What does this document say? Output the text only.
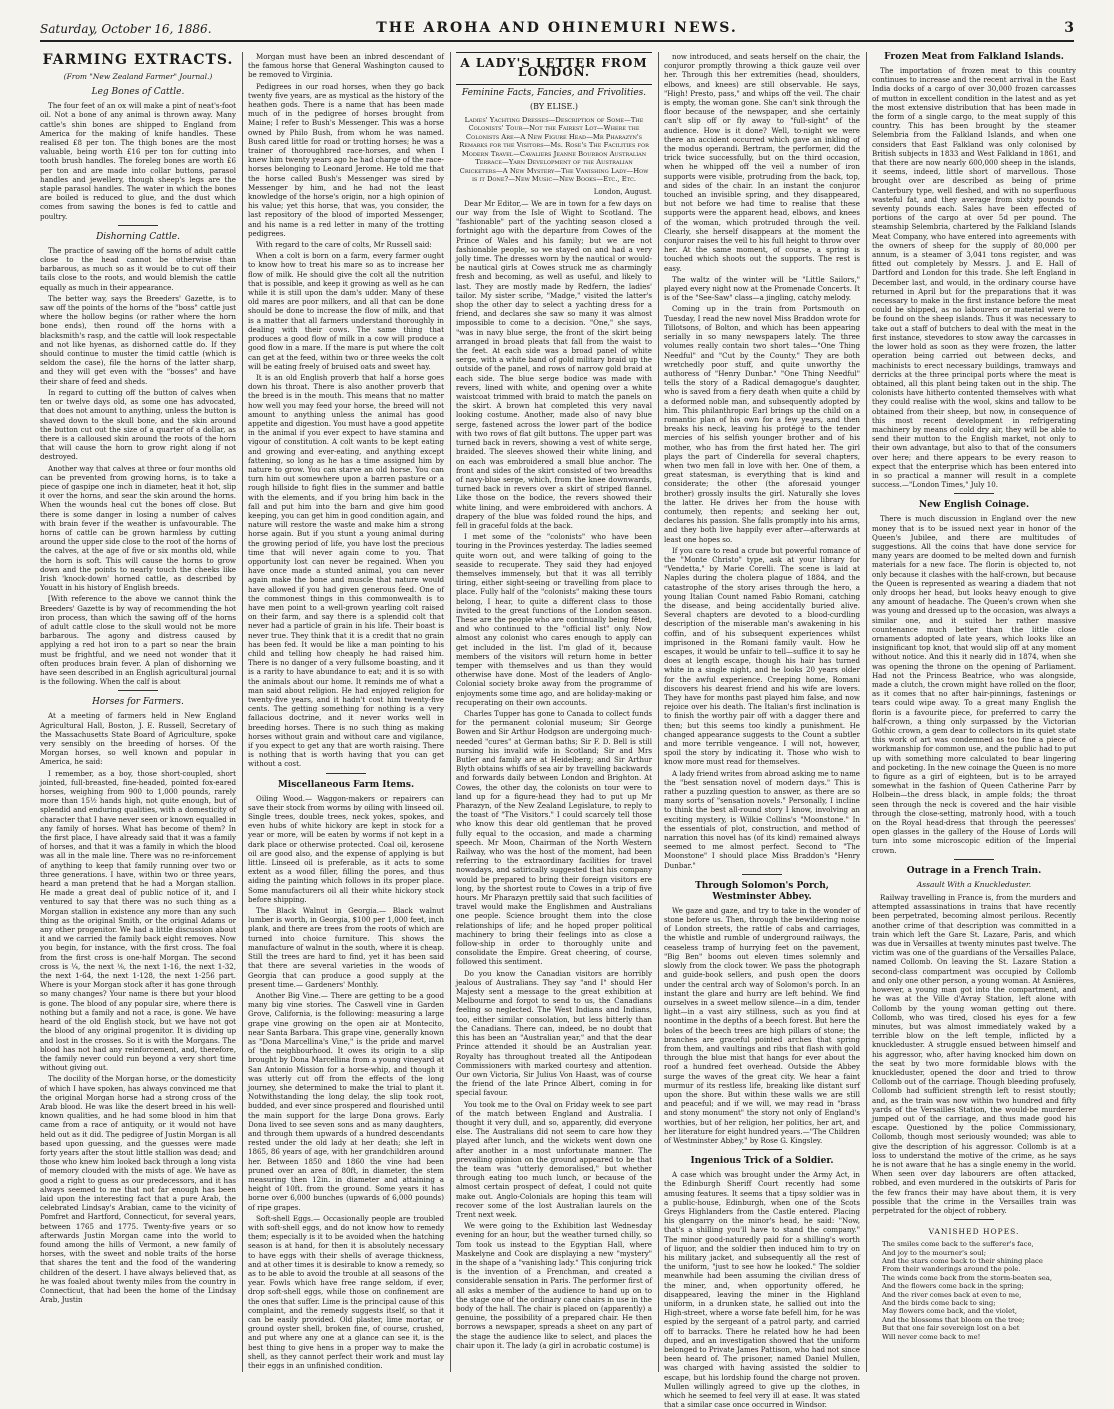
Saturday, October 16, 1886.	THE AROHA AND OHINEMURI NEWS.	3
FARMING EXTRACTS.
(From "New Zealand Farmer" Journal.)
Leg Bones of Cattle.

The four feet of an ox will make a pint of neat's-foot oil. Not a bone of any animal is thrown away. Many cattle's shin bones are shipped to England from America for the making of knife handles. These realised £8 per ton. The thigh bones are the most valuable, being worth £16 per ton for cutting into tooth brush handles. The foreleg bones are worth £6 per ton and are made into collar buttons, parasol handles and jewellery, though sheep's legs are the staple parasol handles. The water in which the bones are boiled is reduced to glue, and the dust which comes from sawing the bones is fed to cattle and poultry.

Dishorning Cattle.

The practice of sawing off the horns of adult cattle close to the head cannot be otherwise than barbarous, as much so as it would be to cut off their tails close to the roots, and would blemish the cattle equally as much in their appearance.

The better way, says the Breeders' Gazette, is to saw off the points of the horns of the "boss" cattle just where the hollow begins (or rather where the horn bone ends), then round off the horns with a blacksmith's rasp, and the cattle will look respectable and not like hyenas, as dishorned cattle do. If they should continue to muster the timid cattle (which is seldom the case), file the horns of the latter sharp, and they will get even with the "bosses" and have their share of feed and sheds.

In regard to cutting off the button of calves when ten or twelve days old, as some one has advocated, that does not amount to anything, unless the button is shaved down to the skull bone, and the skin around the button cut out the size of a quarter of a dollar, as there is a calloused skin around the roots of the horn that will cause the horn to grow right along if not destroyed.

Another way that calves at three or four months old can be prevented from growing horns, is to take a piece of gaspipe one inch in diameter, heat it hot, slip it over the horns, and sear the skin around the horns. When the wounds heal cut the bones off close. But there is some danger in losing a number of calves with brain fever if the weather is unfavourable. The horns of cattle can be grown harmless by cutting around the upper side close to the root of the horns of the calves, at the age of five or six months old, while the horn is soft. This will cause the horns to grow down and the points to nearly touch the cheeks like Irish 'knock-down' horned cattle, as described by Youatt in his history of English breeds.

[With reference to the above we cannot think the Breeders' Gazette is by way of recommending the hot iron process, than which the sawing off of the horns of adult cattle close to the skull would not be more barbarous. The agony and distress caused by applying a red hot iron to a part so near the brain must be frightful, and we need not wonder that it often produces brain fever. A plan of dishorning we have seen described in an English agricultural journal is the following. When the calf is about

Horses for Farmers.

At a meeting of farmers held in New England Agricultural Hall, Boston, J. E. Russell, Secretary of the Massachusetts State Board of Agriculture, spoke very sensibly on the breeding of horses. Of the Morgan horses, so well known and popular in America, he said:

I remember, as a boy, those short-coupled, short jointed, full-breasted, fine-headed, pointed fox-eared horses, weighing from 900 to 1,000 pounds, rarely more than 15½ hands high, not quite enough, but of splendid and enduring qualities, with a domesticity of character that I have never seen or known equalled in any family of horses. What has become of them? In the first place, I have already said that it was a family of horses, and that it was a family in which the blood was all in the male line. There was no re-inforcement of anything to keep that family running over two or three generations. I have, within two or three years, heard a man pretend that he had a Morgan stallion. He made a great deal of public notice of it, and I ventured to say that there was no such thing as a Morgan stallion in existence any more than any such thing as the original Smith, or the original Adams or any other progenitor. We had a little discussion about it and we carried the family back eight removes. Now you begin, for instance, with the first cross. The foal from the first cross is one-half Morgan. The second cross is ¼, the next ⅛, the next 1-16, the next 1-32, the next 1-64, the next 1-128, the next 1-256 part. Where is your Morgan stock after it has gone through so many changes? Your name is there but your blood is gone. The blood of any popular sire, where there is nothing but a family and not a race, is gone. We have heard of the old English stock, but we have not got the blood of any original progenitor. It is dividing up and lost in the crosses. So it is with the Morgans. The blood has not had any reinforcement, and, therefore, the family never could run beyond a very short time without giving out.

The docility of the Morgan horse, or the domesticity of which I have spoken, has always convinced me that the original Morgan horse had a strong cross of the Arab blood. He was like the desert breed in his well-known qualities, and he had some blood in him that came from a race of antiquity, or it would not have held out as it did. The pedigree of Justin Morgan is all based upon guessing, and the guesses were made forty years after the stout little stallion was dead; and those who knew him looked back through a long vista of memory clouded with the mists of age. We have as good a right to guess as our predecessors, and it has always seemed to me that not far enough has been laid upon the interesting fact that a pure Arab, the celebrated Lindsay's Arabian, came to the vicinity of Pomfret and Hartford, Connecticut, for several years, between 1765 and 1775. Twenty-five years or so afterwards Justin Morgan came into the world to found among the hills of Vermont, a new family of horses, with the sweet and noble traits of the horse that shares the tent and the food of the wandering children of the desert. I have always believed that, as he was foaled about twenty miles from the country in Connecticut, that had been the home of the Lindsay Arab, Justin

Morgan must have been an inbred descendant of the famous horse that General Washington caused to be removed to Virginia.

Pedigrees in our road horses, when they go back twenty five years, are as mystical as the history of the heathen gods. There is a name that has been made much of in the pedigree of horses brought from Maine; I refer to Bush's Messenger. This was a horse owned by Philo Bush, from whom he was named. Bush cared little for road or trotting horses; he was a trainer of thoroughbred race-horses, and when I knew him twenty years ago he had charge of the race-horses belonging to Leonard Jerome. He told me that the horse called Bush's Messenger was sired by Messenger by him, and he had not the least knowledge of the horse's origin, nor a high opinion of his value; yet this horse, that was, you consider, the last repository of the blood of imported Messenger, and his name is a red letter in many of the trotting pedigrees.

With regard to the care of colts, Mr Russell said:

When a colt is born on a farm, every farmer ought to know how to treat his mare so as to increase her flow of milk. He should give the colt all the nutrition that is possible, and keep it growing as well as he can while it is still upon the dam's udder. Many of these old mares are poor milkers, and all that can be done should be done to increase the flow of milk, and that is a matter that all farmers understand thoroughly in dealing with their cows. The same thing that produces a good flow of milk in a cow will produce a good flow in a mare. If the mare is put where the colt can get at the feed, within two or three weeks the colt will be eating freely of bruised oats and sweet hay.

It is an old English proverb that half a horse goes down his throat. There is also another proverb that the breed is in the mouth. This means that no matter how well you may feed your horse, the breed will not amount to anything unless the animal has good appetite and digestion. You must have a good appetite in the animal if you ever expect to have stamina and vigour of constitution. A colt wants to be kept eating and growing and ever-eating, and anything except fattening, so long as he has a time assigned him by nature to grow. You can starve an old horse. You can turn him out somewhere upon a barren pasture or a rough hillside to fight flies in the summer and battle with the elements, and if you bring him back in the fall and put him into the barn and give him good keeping, you can get him in good condition again, and nature will restore the waste and make him a strong horse again. But if you stunt a young animal during the growing period of life, you have lost the precious time that will never again come to you. That opportunity lost can never be regained. When you have once made a stunted animal, you can never again make the bone and muscle that nature would have allowed if you had given generous feed. One of the commonest things in this commonwealth is to have men point to a well-grown yearling colt raised on their farm, and say there is a splendid colt that never had a particle of grain in his life. Their boast is never true. They think that it is a credit that no grain has been fed. It would be like a man pointing to his child and telling how cheaply he had raised him. There is no danger of a very fullsome boasting, and it is a rarity to have abundance to eat; and it is so with the animals about our home. It reminds me of what a man said about religion. He had enjoyed religion for twenty-five years, and it hadn't cost him twenty-five cents. The getting something for nothing is a very fallacious doctrine, and it never works well in breeding horses. There is no such thing as making horses without grain and without care and vigilance, if you expect to get any that are worth raising. There is nothing that is worth having that you can get without a cost.

Miscellaneous Farm Items.

Oiling Wood.— Waggon-makers or repairers can save their stock from worms by oiling with linseed oil. Single trees, double trees, neck yokes, spokes, and even hubs of white hickory are kept in stock for a year or more, will be eaten by worms if not kept in a dark place or otherwise protected. Coal oil, kerosene oil are good also, and the expense of applying is but little. Linseed oil is preferable, as it acts to some extent as a wood filler, filling the pores, and thus aiding the painting which follows in its proper place. Some manufacturers oil all their white hickory stock before shipping.

The Black Walnut in Georgia.— Black walnut lumber is worth, in Georgia, $100 per 1,000 feet, inch plank, and there are trees from the roots of which are turned into choice furniture. This shows the manufacture of walnut in the south, where it is cheap. Still the trees are hard to find, yet it has been said that there are several varieties in the woods of Georgia that can produce a good supply at the present time.— Gardeners' Monthly.

Another Big Vine.— There are getting to be a good many big vine stories. The Caswell vine in Garden Grove, California, is the following: measuring a large grape vine growing on the open air at Montecito, near Santa Barbara. This grape vine, generally known as "Dona Marcellina's Vine," is the pride and marvel of the neighbourhood. It owes its origin to a slip brought by Dona Marcellina from a young vineyard at San Antonio Mission for a horse-whip, and though it was utterly cut off from the effects of the long journey, she determined to make the trial to plant it. Notwithstanding the long delay, the slip took root, budded, and ever since prospered and flourished until the main support for the large Dona grows. Early Dona lived to see seven sons and as many daughters, and through them upwards of a hundred descendants rested under the old lady at her death; she left in 1865, 86 years of age, with her grandchildren around her. Between 1850 and 1860 the vine had been pruned over an area of 80ft, in diameter, the stem measuring then 12in. in diameter and attaining a height of 10ft. from the ground. Some years it has borne over 6,000 bunches (upwards of 6,000 pounds) of ripe grapes.

Soft-shell Eggs.— Occasionally people are troubled with soft-shell eggs, and do not know how to remedy them; especially is it to be avoided when the hatching season is at hand, for then it is absolutely necessary to have eggs with their shells of average thickness, and at other times it is desirable to know a remedy, so as to be able to avoid the trouble at all seasons of the year. Fowls which have free range seldom, if ever, drop soft-shell eggs, while those on confinement are the ones that suffer. Lime is the principal cause of this complaint, and the remedy suggests itself, so that it can be easily provided. Old plaster, lime mortar, or ground oyster shell, broken fine, of course, crushed, and put where any one at a glance can see it, is the best thing to give hens in a proper way to make the shell, as they cannot perfect their work and must lay their eggs in an unfinished condition.

A LADY'S LETTER FROM LONDON.
Feminine Facts, Fancies, and Frivolities.
(BY ELISE.)
Ladies' Yachting Dresses—Description of Some—The Colonists' Tour—Not the Fairest Lot—Where the Colonists Are—A New Figure Head—Mr Pharazyn's Remarks for the Visitors—Ms. Rose's The Facilities for Modern Travel—Cavaliers Jeanne Bourbon Australian Terrace—Yarn Development of the Australian Cricketers—A New Mystery—The Vanishing Lady—How is it Done?—New Music—New Books—Etc., Etc.
London, August.

Dear Mr Editor,— We are in town for a few days on our way from the Isle of Wight to Scotland. The "fashionable" part of the yachting season closed a fortnight ago with the departure from Cowes of the Prince of Wales and his family; but we are not fashionable people, so we stayed on and had a very jolly time. The dresses worn by the nautical or would-be nautical girls at Cowes struck me as charmingly fresh and becoming, as well as useful, and likely to last. They are mostly made by Redfern, the ladies' tailor. My sister scribe, "Madge," visited the latter's shop the other day to select a yachting dress for a friend, and declares she saw so many it was almost impossible to come to a decision. "One," she says, "was in navy blue serge, the front of the skirt being arranged in broad pleats that fall from the waist to the feet. At each side was a broad panel of white serge, with a white band of gold military braid up the outside of the panel, and rows of narrow gold braid at each side. The blue serge bodice was made with revers, lined with white, and opening over a white waistcoat trimmed with braid to match the panels on the skirt. A brown hat completed this very naval looking costume. Another, made also of navy blue serge, fastened across the lower part of the bodice with two rows of flat gilt buttons. The upper part was turned back in revers, showing a vest of white serge, braided. The sleeves showed their white lining, and on each was embroidered a small blue anchor. The front and sides of the skirt consisted of two breadths of navy-blue serge, which, from the knee downwards, turned back in revers over a skirt of striped flannel. Like those on the bodice, the revers showed their white lining, and were embroidered with anchors. A drapery of the blue was folded round the hips, and fell in graceful folds at the back.

I met some of the "colonists" who have been touring in the Provinces yesterday. The ladies seemed quite worn out, and were talking of going to the seaside to recuperate. They said they had enjoyed themselves immensely, but that it was all terribly tiring, either sight-seeing or travelling from place to place. Fully half of the "colonists" making these tours belong, I hear, to quite a different class to those invited to the great functions of the London season. These are the people who are continually being fêted, and who continued to the "official list" only. Now almost any colonist who cares enough to apply can get included in the list. I'm glad of it, because members of the visitors will return home in better temper with themselves and us than they would otherwise have done. Most of the leaders of Anglo-Colonial society broke away from the programme of enjoyments some time ago, and are holiday-making or recuperating on their own accounts.

Charles Tupper has gone to Canada to collect funds for the permanent colonial museum; Sir George Bowen and Sir Arthur Hodgson are undergoing much-needed "cures" at German baths; Sir F. D. Bell is still nursing his invalid wife in Scotland; Sir and Mrs Butler and family are at Heidelberg; and Sir Arthur Blyth obtains whiffs of sea air by travelling backwards and forwards daily between London and Brighton. At Cowes, the other day, the colonists on tour were to land up for a figure-head they had to put up Mr Pharazyn, of the New Zealand Legislature, to reply to the toast of "The Visitors." I could scarcely tell those who know this dear old gentleman that he proved fully equal to the occasion, and made a charming speech. Mr Moon, Chairman of the North Western Railway, who was the host of the moment, had been referring to the extraordinary facilities for travel nowadays, and satirically suggested that his company would be prepared to bring their foreign visitors ere long, by the shortest route to Cowes in a trip of five hours. Mr Pharazyn prettily said that such facilities of travel would make the Englishmen and Australians one people. Science brought them into the close relationships of life; and he hoped proper political machinery to bring their feelings into as close a follow-ship in order to thoroughly unite and consolidate the Empire. Great cheering, of course, followed this sentiment.

Do you know the Canadian visitors are horribly jealous of Australians. They say "and I" should Her Majesty sent a message to the great exhibition at Melbourne and forgot to send to us, the Canadians feeling so neglected. The West Indians and Indians, too, either similar consolation, but less bitterly than the Canadians. There can, indeed, be no doubt that this has been an "Australian year," and that the dear Prince attended it should be an Australian year. Royalty has throughout treated all the Antipodean Commissioners with marked courtesy and attention. Our own Victoria, Sir Julius Von Haast, was of course the friend of the late Prince Albert, coming in for special favour.

You took me to the Oval on Friday week to see part of the match between England and Australia. I thought it very dull, and so, apparently, did everyone else. The Australians did not seem to care how they played after lunch, and the wickets went down one after another in a most unfortunate manner. The prevailing opinion on the ground appeared to be that the team was "utterly demoralised," but whether through eating too much lunch, or because of the almost certain prospect of defeat, I could not quite make out. Anglo-Colonials are hoping this team will recover some of the lost Australian laurels on the Trent next week.

We were going to the Exhibition last Wednesday evening for an hour, but the weather turned chilly, so Tom took us instead to the Egyptian Hall, where Maskelyne and Cook are displaying a new "mystery" in the shape of a "vanishing lady." This conjuring trick is the invention of a Frenchman, and created a considerable sensation in Paris. The performer first of all asks a member of the audience to hand up on to the stage one of the ordinary cane chairs in use in the body of the hall. The chair is placed on (apparently) a genuine, the possibility of a prepared chair. He then borrows a newspaper, spreads a sheet on any part of the stage the audience like to select, and places the chair upon it. The lady (a girl in acrobatic costume) is

now introduced, and seats herself on the chair, the conjuror promptly throwing a thick gauze veil over her. Through this her extremities (head, shoulders, elbows, and knees) are still observable. He says, "High! Presto, pass," and whips off the veil. The chair is empty, the woman gone. She can't sink through the floor because of the newspaper, and she certainly can't slip off or fly away to "full-sight" of the audience. How is it done? Well, to-night we were there an accident occurred which gave an inkling of the modus operandi. Bertram, the performer, did the trick twice successfully, but on the third occasion, when he whipped off the veil a number of iron supports were visible, protruding from the back, top, and sides of the chair. In an instant the conjuror touched an invisible spring, and they disappeared, but not before we had time to realise that these supports were the apparent head, elbows, and knees of the woman, which protruded through the veil. Clearly, she herself disappears at the moment the conjuror raises the veil to his full height to throw over her. At the same moment, of course, a spring is touched which shoots out the supports. The rest is easy.

The waltz of the winter will be "Little Sailors," played every night now at the Promenade Concerts. It is of the "See-Saw" class—a jingling, catchy melody.

Coming up in the train from Portsmouth on Tuesday, I read the new novel Miss Braddon wrote for Tillotsons, of Bolton, and which has been appearing serially in so many newspapers lately. The three volumes really contain two short tales—"One Thing Needful" and "Cut by the County." They are both wretchedly poor stuff, and quite unworthy the authoress of "Henry Dunbar." "One Thing Needful" tells the story of a Radical demagogue's daughter, who is saved from a fiery death when quite a child by a deformed noble man, and subsequently adopted by him. This philanthropic Earl brings up the child on a romantic plan of his own for a few years, and then breaks his neck, leaving his protégé to the tender mercies of his selfish younger brother and of his mother, who has from the first hated her. The girl plays the part of Cinderella for several chapters, when two men fall in love with her. One of them, a great statesman, is everything that is kind and considerate; the other (the aforesaid younger brother) grossly insults the girl. Naturally she loves the latter. He drives her from the house with contumely, then repents; and seeking her out, declares his passion. She falls promptly into his arms, and they both live happily ever after—afterwards at least one hopes so.

If you care to read a crude but powerful romance of the "Monte Christo" type, ask at your library for "Vendetta," by Marie Corelli. The scene is laid at Naples during the cholera plague of 1884, and the catastrophe of the story arises through the hero, a young Italian Count named Fabio Romani, catching the disease, and being accidentally buried alive. Several chapters are devoted to a blood-curdling description of the miserable man's awakening in his coffin, and of his subsequent experiences whilst imprisoned in the Romani family vault. How he escapes, it would be unfair to tell—suffice it to say he does at length escape, though his hair has turned white in a single night, and he looks 20 years older for the awful experience. Creeping home, Romani discovers his dearest friend and his wife are lovers. They have for months past played him false, and now rejoice over his death. The Italian's first inclination is to finish the worthy pair off with a dagger there and then; but this seems too kindly a punishment. He changed appearance suggests to the Count a subtler and more terrible vengeance. I will not, however, spoil the story by indicating it. Those who wish to know more must read for themselves.

A lady friend writes from abroad asking me to name the "best sensation novel of modern days." This is rather a puzzling question to answer, as there are so many sorts of "sensation novels." Personally, I incline to think the best all-round story I know, involving an exciting mystery, is Wilkie Collins's "Moonstone." In the essentials of plot, construction, and method of narration this novel has (of its kind) remained always seemed to me almost perfect. Second to "The Moonstone" I should place Miss Braddon's "Henry Dunbar."

Through Solomon's Porch, Westminster Abbey.

We gaze and gaze, and try to take in the wonder of stone before us. Then, through the bewildering noise of London streets, the rattle of cabs and carriages, the whistle and rumble of underground railways, the ceaseless tramp of hurrying feet on the pavement, "Big Ben" booms out eleven times solemnly and slowly from the clock tower. We pass the photograph and guide-book sellers, and push open the doors under the central arch way of Solomon's porch. In an instant the glare and hurry are left behind. We find ourselves in a sweet mellow silence—in a dim, tender light—in a vast airy stillness, such as you find at noontime in the depths of a beech forest. But here the boles of the beech trees are high pillars of stone; the branches are graceful pointed arches that spring from them, and vaultings and ribs that flash with gold through the blue mist that hangs for ever about the roof a hundred feet overhead. Outside the Abbey surge the waves of the great city. We hear a faint murmur of its restless life, breaking like distant surf upon the shore. But within these walls we are still and peaceful; and if we will, we may read in "brass and stony monument" the story not only of England's worthies, but of her religion, her politics, her art, and her literature for eight hundred years.—"The Children of Westminster Abbey," by Rose G. Kingsley.

Ingenious Trick of a Soldier.

A case which was brought under the Army Act, in the Edinburgh Sheriff Court recently had some amusing features. It seems that a tipsy soldier was in a public-house, Edinburgh, when one of the Scots Greys Highlanders from the Castle entered. Placing his glengarry on the minor's head, he said: "Now, that's a shilling you'll have to stand the company." The minor good-naturedly paid for a shilling's worth of liquor, and the soldier then induced him to try on his military jacket, and subsequently all the rest of the uniform, "just to see how he looked." The soldier meanwhile had been assuming the civilian dress of the miner, and, when opportunity offered, he disappeared, leaving the miner in the Highland uniform, in a drunken state, he sallied out into the High-street, where a worse fate befell him, for he was espied by the sergeant of a patrol party, and carried off to barracks. There he related how he had been duped, and an investigation showed that the uniform belonged to Private James Pattison, who had not since been heard of. The prisoner, named Daniel Mullen, was charged with having assisted the soldier to escape, but his lordship found the charge not proven. Mullen willingly agreed to give up the clothes, in which he seemed to feel very ill at ease. It was stated that a similar case once occurred in Windsor.

Frozen Meat from Falkland Islands.

The importation of frozen meat to this country continues to increase and the recent arrival in the East India docks of a cargo of over 30,000 frozen carcasses of mutton in excellent condition in the latest and as yet the most extensive distribution that has been made in the form of a single cargo, to the meat supply of this country. This has been brought by the steamer Selembria from the Falkland Islands, and when one considers that East Falkland was only colonised by British subjects in 1833 and West Falkland in 1861, and that there are now nearly 600,000 sheep in the islands, it seems, indeed, little short of marvellous. Those brought over are described as being of prime Canterbury type, well fleshed, and with no superfluous wasteful fat, and they average from sixty pounds to seventy pounds each. Sales have been effected of portions of the cargo at over 5d per pound. The steamship Selembria, chartered by the Falkland Islands Meat Company, who have entered into agreements with the owners of sheep for the supply of 80,000 per annum, is a steamer of 3,041 tons register, and was fitted out completely by Messrs. J. and E. Hall of Dartford and London for this trade. She left England in December last, and would, in the ordinary course have returned in April but for the preparations that it was necessary to make in the first instance before the meat could be shipped, as no labourers or material were to be found on the sheep islands. Thus it was necessary to take out a staff of butchers to deal with the meat in the first instance, stevedores to stow away the carcasses in the lower hold as soon as they were frozen, the latter operation being carried out between decks, and machinists to erect necessary buildings, tramways and derricks at the three principal ports where the meat is obtained, all this plant being taken out in the ship. The colonists have hitherto contented themselves with what they could realise with the wool, skins and tallow to be obtained from their sheep, but now, in consequence of this most recent development in refrigerating machinery by means of cold dry air, they will be able to send their mutton to the English market, not only to their own advantage, but also to that of the consumers over here; and there appears to be every reason to expect that the enterprise which has been entered into in so practical a manner will result in a complete success.—"London Times," July 10.

New English Coinage.

There is much discussion in England over the new money that is to be issued next year in honor of the Queen's Jubilee, and there are multitudes of suggestions. All the coins that have done service for many years are doomed to be melted down and furnish materials for a new face. The florin is objected to, not only because it clashes with the half-crown, but because the Queen is represented as wearing a diadem that not only droops her head, but looks heavy enough to give any amount of headache. The Queen's crown when she was young and dressed up to the occasion, was always a similar one, and it suited her rather massive countenance much better than the little close ornaments adopted of late years, which looks like an insignificant top knot, that would slip off at any moment without notice. And this it nearly did in 1874, when she was opening the throne on the opening of Parliament. Had not the Princess Beatrice, who was alongside, made a clutch, the crown might have rolled on the floor, as it comes that no after hair-pinnings, fastenings or tears could wipe away. To a great many English the florin is a favourite piece, for preferred to carry the half-crown, a thing only surpassed by the Victorian Gothic crown, a gem dear to collectors in its quiet state this work of art was condemned as too fine a piece of workmanship for common use, and the public had to put up with something more calculated to bear lingering and pocketing. In the new coinage the Queen is no more to figure as a girl of eighteen, but is to be arrayed somewhat in the fashion of Queen Catherine Parr by Holbein—the dress black, in ample folds; the throat seen through the neck is covered and the hair visible through the close-setting, matronly hood, with a touch on the Royal head-dress that through the peeresses' open glasses in the gallery of the House of Lords will turn into some microscopic edition of the Imperial crown.

Outrage in a French Train.
Assault With a Knuckleduster.

Railway travelling in France is, from the murders and attempted assassinations in trains that have recently been perpetrated, becoming almost perilous. Recently another crime of that description was committed in a train which left the Gare St. Lazare, Paris, and which was due in Versailles at twenty minutes past twelve. The victim was one of the guardians of the Versailles Palace, named Collomb. On leaving the St. Lazare Station a second-class compartment was occupied by Collomb and only one other person, a young woman. At Asnières, however, a young man got into the compartment, and he was at the Ville d'Avray Station, left alone with Collomb by the young woman getting out there. Collomb, who was tired, closed his eyes for a few minutes, but was almost immediately waked by a terrible blow on the left temple, inflicted by a knuckleduster. A struggle ensued between himself and his aggressor, who, after having knocked him down on the seat by two more formidable blows with the knuckleduster, opened the door and tried to throw Collomb out of the carriage. Though bleeding profusely, Collomb had sufficient strength left to resist stoutly; and, as the train was now within two hundred and fifty yards of the Versailles Station, the would-be murderer jumped out of the carriage, and thus made good his escape. Questioned by the police Commissionary, Collomb, though most seriously wounded; was able to give the description of his aggressor. Collomb is at a loss to understand the motive of the crime, as he says he is not aware that he has a single enemy in the world. When seen over day labourers are often attacked, robbed, and even murdered in the outskirts of Paris for the few francs their may have about them, it is very possible that the crime in the Versailles train was perpetrated for the object of robbery.

VANISHED HOPES.
The smiles come back to the sufferer's face,
And joy to the mourner's soul;
And the stars come back to their shining place
From their wanderings around the pole.
The winds come back from the storm-beaten sea,
And the flowers come back in the spring;
And the river comes back at even to me,
And the birds come back to sing;
May flowers come back, and the violet,
And the blossoms that bloom on the tree;
But that one fair sovereign lost on a bet
Will never come back to me!
